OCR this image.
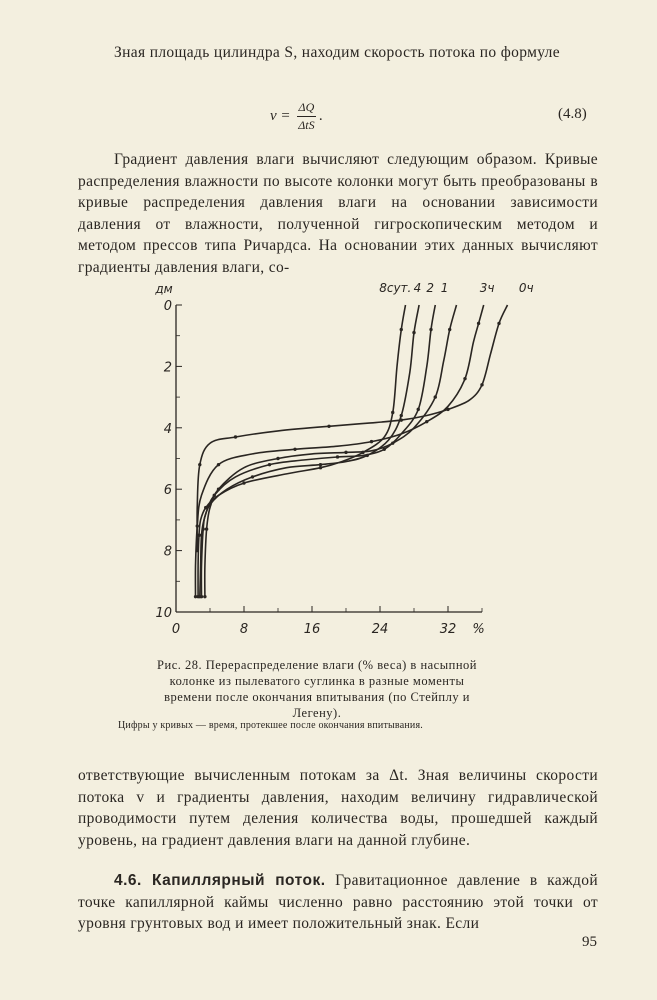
Зная площадь цилиндра S, находим скорость потока по формуле

$v = \frac{\Delta Q}{\text{ΔtS}}$ .	(4.8)

Градиент давления влаги вычисляют следующим образом. Кривые распределения влажности по высоте колонки могут быть преобразованы в кривые распределения давления влаги на основании зависимости давления от влажности, полученной гигроскопическим методом и методом прессов типа Ричардса. На основании этих данных вычисляют градиенты давления влаги, со-

0
2
4
6
8
10
0	8	16	24	32 %
дм	8сут. 4 2 1	3ч 0ч
Рис. 28. Перераспределение влаги (% веса) в насыпной колонке из пылеватого суглинка в разные моменты времени после окончания впитывания (по Стейплу и Легену).
Цифры у кривых — время, протекшее после окончания впитывания.

ответствующие вычисленным потокам за Δt. Зная величины скорости потока v и градиенты давления, находим величину гидравлической проводимости путем деления количества воды, прошедшей каждый уровень, на градиент давления влаги на данной глубине.

4.6. Капиллярный поток. Гравитационное давление в каждой точке капиллярной каймы численно равно расстоянию этой точки от уровня грунтовых вод и имеет положительный знак. Если

95
